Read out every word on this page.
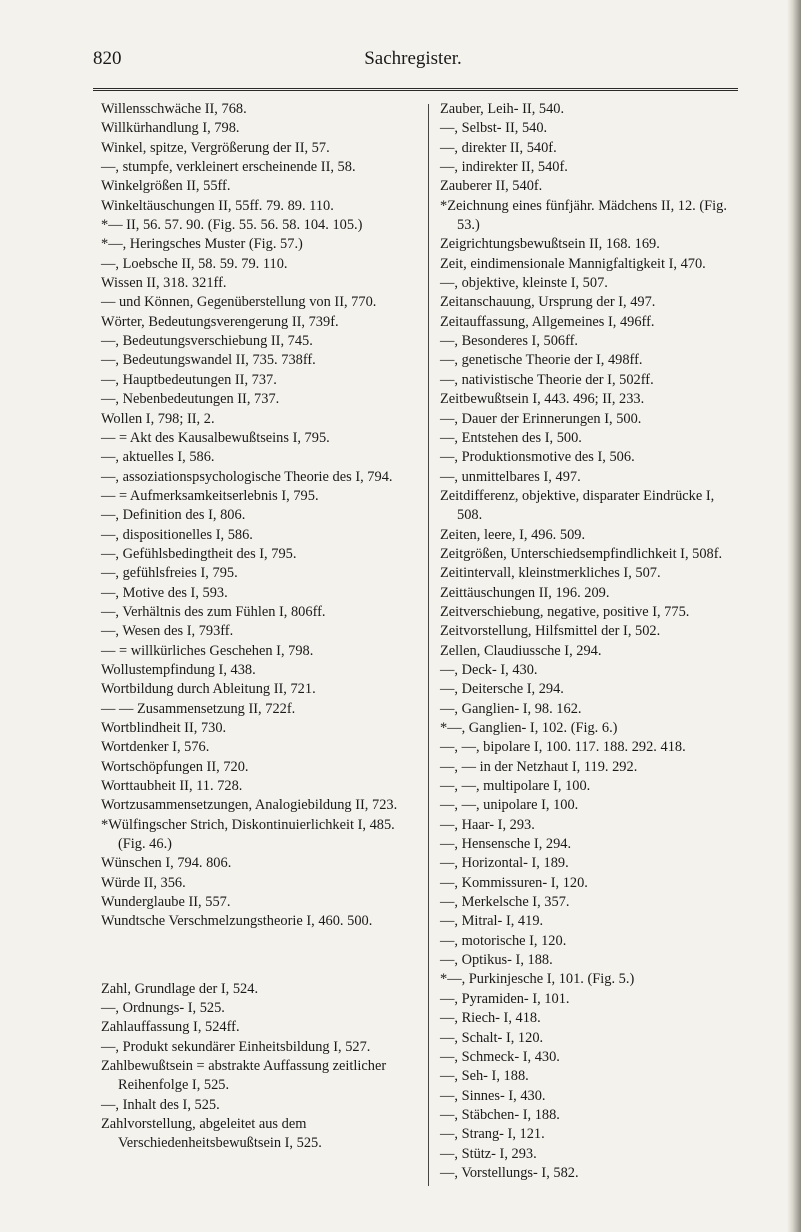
820	Sachregister.

Willensschwäche II, 768.

Willkürhandlung I, 798.

Winkel, spitze, Vergrößerung der II, 57.

—, stumpfe, verkleinert erscheinende II, 58.

Winkelgrößen II, 55ff.

Winkeltäuschungen II, 55ff. 79. 89. 110.

*— II, 56. 57. 90. (Fig. 55. 56. 58. 104. 105.)

*—, Heringsches Muster (Fig. 57.)

—, Loebsche II, 58. 59. 79. 110.

Wissen II, 318. 321ff.

— und Können, Gegenüberstellung von II, 770.

Wörter, Bedeutungsverengerung II, 739f.

—, Bedeutungsverschiebung II, 745.

—, Bedeutungswandel II, 735. 738ff.

—, Hauptbedeutungen II, 737.

—, Nebenbedeutungen II, 737.

Wollen I, 798; II, 2.

— = Akt des Kausalbewußtseins I, 795.

—, aktuelles I, 586.

—, assoziationspsychologische Theorie des I, 794.

— = Aufmerksamkeitserlebnis I, 795.

—, Definition des I, 806.

—, dispositionelles I, 586.

—, Gefühlsbedingtheit des I, 795.

—, gefühlsfreies I, 795.

—, Motive des I, 593.

—, Verhältnis des zum Fühlen I, 806ff.

—, Wesen des I, 793ff.

— = willkürliches Geschehen I, 798.

Wollustempfindung I, 438.

Wortbildung durch Ableitung II, 721.

— — Zusammensetzung II, 722f.

Wortblindheit II, 730.

Wortdenker I, 576.

Wortschöpfungen II, 720.

Worttaubheit II, 11. 728.

Wortzusammensetzungen, Analogiebildung II, 723.

*Wülfingscher Strich, Diskontinuierlichkeit I, 485. (Fig. 46.)

Wünschen I, 794. 806.

Würde II, 356.

Wunderglaube II, 557.

Wundtsche Verschmelzungstheorie I, 460. 500.

Zahl, Grundlage der I, 524.

—, Ordnungs- I, 525.

Zahlauffassung I, 524ff.

—, Produkt sekundärer Einheitsbildung I, 527.

Zahlbewußtsein = abstrakte Auffassung zeitlicher Reihenfolge I, 525.

—, Inhalt des I, 525.

Zahlvorstellung, abgeleitet aus dem Verschiedenheitsbewußtsein I, 525.

Zauber, Leih- II, 540.

—, Selbst- II, 540.

—, direkter II, 540f.

—, indirekter II, 540f.

Zauberer II, 540f.

*Zeichnung eines fünfjähr. Mädchens II, 12. (Fig. 53.)

Zeigrichtungsbewußtsein II, 168. 169.

Zeit, eindimensionale Mannigfaltigkeit I, 470.

—, objektive, kleinste I, 507.

Zeitanschauung, Ursprung der I, 497.

Zeitauffassung, Allgemeines I, 496ff.

—, Besonderes I, 506ff.

—, genetische Theorie der I, 498ff.

—, nativistische Theorie der I, 502ff.

Zeitbewußtsein I, 443. 496; II, 233.

—, Dauer der Erinnerungen I, 500.

—, Entstehen des I, 500.

—, Produktionsmotive des I, 506.

—, unmittelbares I, 497.

Zeitdifferenz, objektive, disparater Eindrücke I, 508.

Zeiten, leere, I, 496. 509.

Zeitgrößen, Unterschiedsempfindlichkeit I, 508f.

Zeitintervall, kleinstmerkliches I, 507.

Zeittäuschungen II, 196. 209.

Zeitverschiebung, negative, positive I, 775.

Zeitvorstellung, Hilfsmittel der I, 502.

Zellen, Claudiussche I, 294.

—, Deck- I, 430.

—, Deitersche I, 294.

—, Ganglien- I, 98. 162.

*—, Ganglien- I, 102. (Fig. 6.)

—, —, bipolare I, 100. 117. 188. 292. 418.

—, — in der Netzhaut I, 119. 292.

—, —, multipolare I, 100.

—, —, unipolare I, 100.

—, Haar- I, 293.

—, Hensensche I, 294.

—, Horizontal- I, 189.

—, Kommissuren- I, 120.

—, Merkelsche I, 357.

—, Mitral- I, 419.

—, motorische I, 120.

—, Optikus- I, 188.

*—, Purkinjesche I, 101. (Fig. 5.)

—, Pyramiden- I, 101.

—, Riech- I, 418.

—, Schalt- I, 120.

—, Schmeck- I, 430.

—, Seh- I, 188.

—, Sinnes- I, 430.

—, Stäbchen- I, 188.

—, Strang- I, 121.

—, Stütz- I, 293.

—, Vorstellungs- I, 582.
